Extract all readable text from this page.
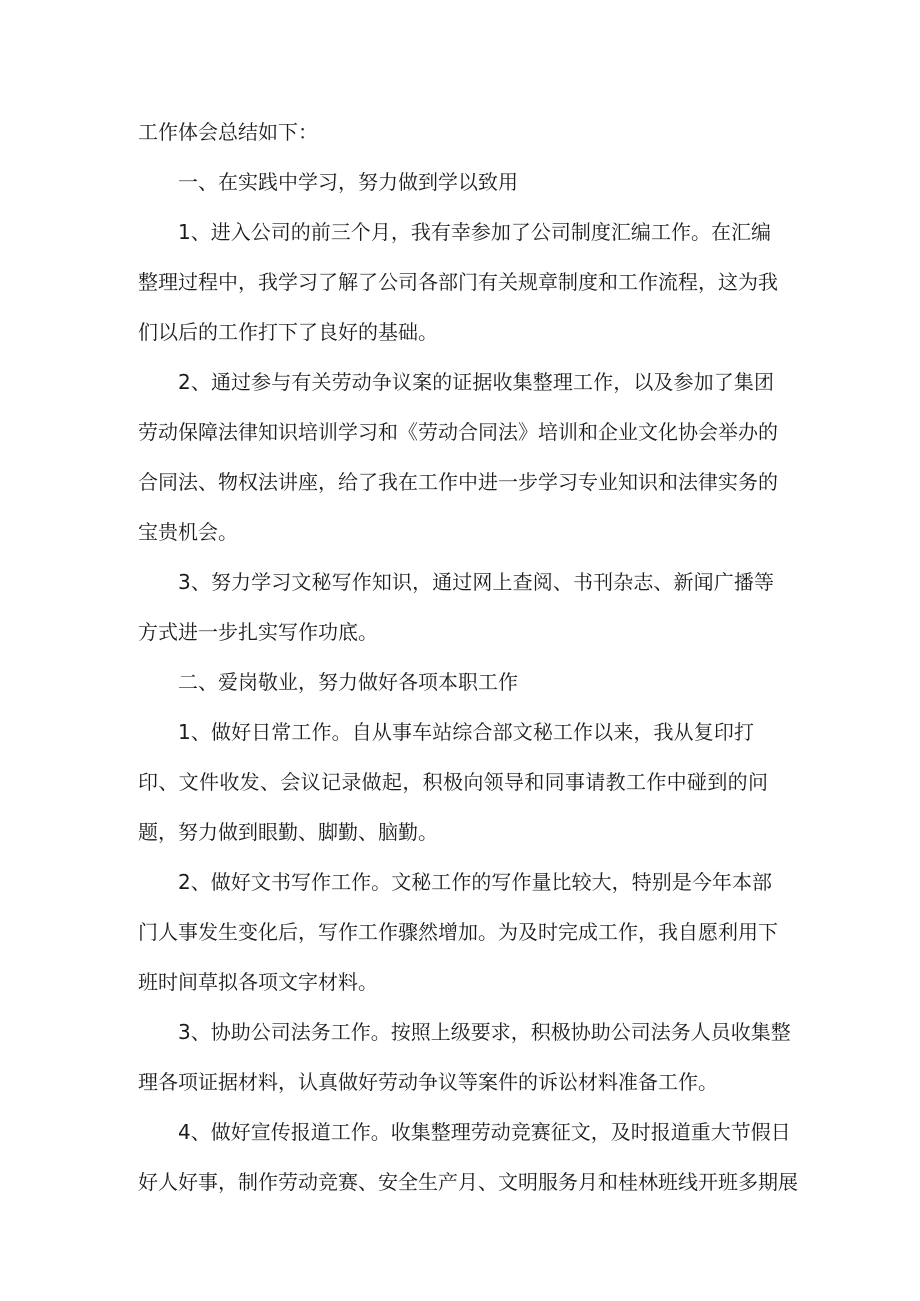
工作体会总结如下：

一、在实践中学习，努力做到学以致用

1、进入公司的前三个月，我有幸参加了公司制度汇编工作。在汇编

整理过程中，我学习了解了公司各部门有关规章制度和工作流程，这为我

们以后的工作打下了良好的基础。

2、通过参与有关劳动争议案的证据收集整理工作，以及参加了集团

劳动保障法律知识培训学习和《劳动合同法》培训和企业文化协会举办的

合同法、物权法讲座，给了我在工作中进一步学习专业知识和法律实务的

宝贵机会。

3、努力学习文秘写作知识，通过网上查阅、书刊杂志、新闻广播等

方式进一步扎实写作功底。

二、爱岗敬业，努力做好各项本职工作

1、做好日常工作。自从事车站综合部文秘工作以来，我从复印打

印、文件收发、会议记录做起，积极向领导和同事请教工作中碰到的问

题，努力做到眼勤、脚勤、脑勤。

2、做好文书写作工作。文秘工作的写作量比较大，特别是今年本部

门人事发生变化后，写作工作骤然增加。为及时完成工作，我自愿利用下

班时间草拟各项文字材料。

3、协助公司法务工作。按照上级要求，积极协助公司法务人员收集整

理各项证据材料，认真做好劳动争议等案件的诉讼材料准备工作。

4、做好宣传报道工作。收集整理劳动竞赛征文，及时报道重大节假日

好人好事，制作劳动竞赛、安全生产月、文明服务月和桂林班线开班多期展
